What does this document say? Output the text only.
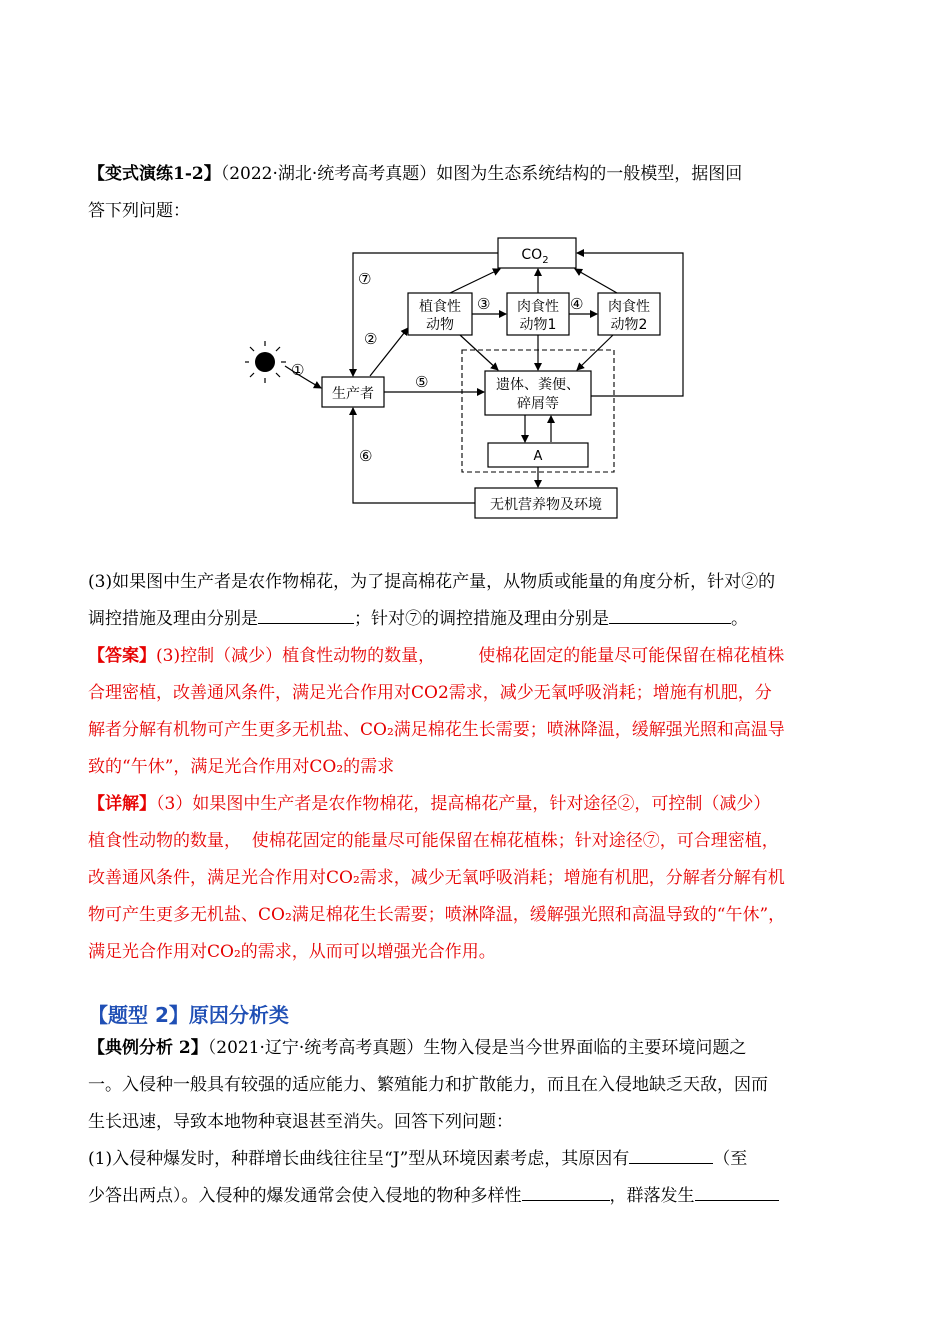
【变式演练1-2】（2022·湖北·统考高考真题）如图为生态系统结构的一般模型，据图回
答下列问题：
$CO_2$
植食性
动物
肉食性
动物1
肉食性
动物2
生产者
遗体、粪便、
碎屑等
A
无机营养物及环境
①
②
③	④
⑤
⑥
⑦
(3)如果图中生产者是农作物棉花，为了提高棉花产量，从物质或能量的角度分析，针对②的
调控措施及理由分别是	；针对⑦的调控措施及理由分别是	。
【答案】(3)控制（减少）植食性动物的数量，        使棉花固定的能量尽可能保留在棉花植株
合理密植，改善通风条件，满足光合作用对CO2需求，减少无氧呼吸消耗；增施有机肥，分
解者分解有机物可产生更多无机盐、CO₂满足棉花生长需要；喷淋降温，缓解强光照和高温导
致的“午休”，满足光合作用对CO₂的需求
【详解】（3）如果图中生产者是农作物棉花，提高棉花产量，针对途径②，可控制（减少）
植食性动物的数量，  使棉花固定的能量尽可能保留在棉花植株；针对途径⑦，可合理密植，
改善通风条件，满足光合作用对CO₂需求，减少无氧呼吸消耗；增施有机肥，分解者分解有机
物可产生更多无机盐、CO₂满足棉花生长需要；喷淋降温，缓解强光照和高温导致的“午休”，
满足光合作用对CO₂的需求，从而可以增强光合作用。
【题型 2】原因分析类
【典例分析 2】（2021·辽宁·统考高考真题）生物入侵是当今世界面临的主要环境问题之
一。入侵种一般具有较强的适应能力、繁殖能力和扩散能力，而且在入侵地缺乏天敌，因而
生长迅速，导致本地物种衰退甚至消失。回答下列问题：
(1)入侵种爆发时，种群增长曲线往往呈“J”型从环境因素考虑，其原因有	（至
少答出两点）。入侵种的爆发通常会使入侵地的物种多样性	，群落发生
